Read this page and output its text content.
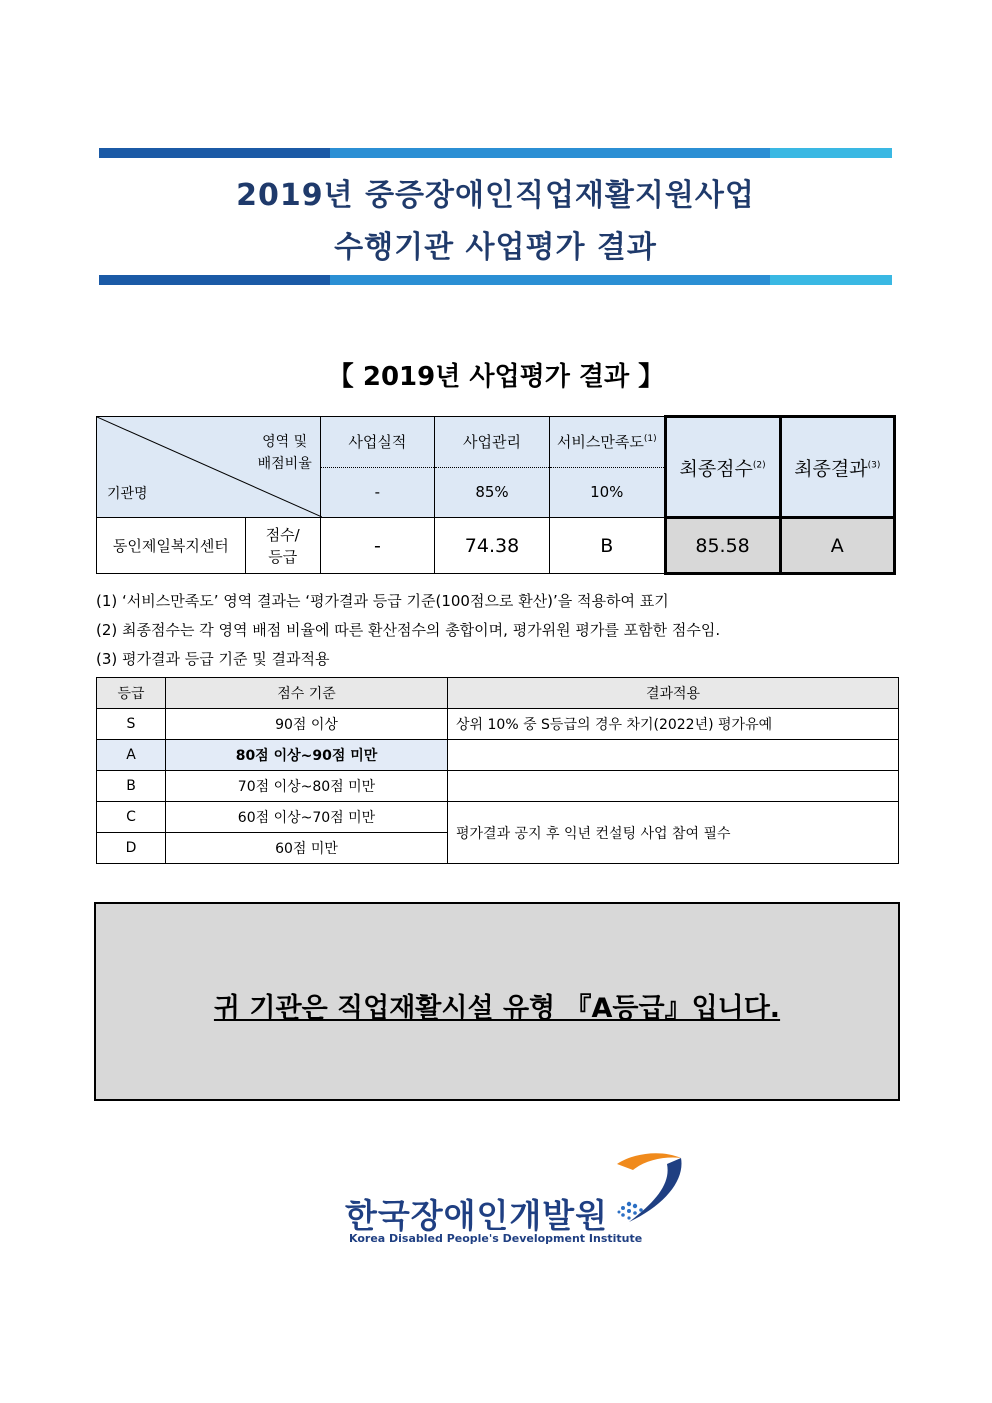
2019년 중증장애인직업재활지원사업
수행기관 사업평가 결과
【 2019년 사업평가 결과 】
영역 및
배점비율
기관명		사업실적	사업관리	서비스만족도$^{(1)}$	최종점수$^{(2)}$	최종결과$^{(3)}$
		-	85%	10%		
동인제일복지센터	점수/
등급	-	74.38	B	85.58	A
(1) ‘서비스만족도’ 영역 결과는 ‘평가결과 등급 기준(100점으로 환산)’을 적용하여 표기
(2) 최종점수는 각 영역 배점 비율에 따른 환산점수의 총합이며, 평가위원 평가를 포함한 점수임.
(3) 평가결과 등급 기준 및 결과적용
등급	점수 기준	결과적용
S	90점 이상	상위 10% 중 S등급의 경우 차기(2022년) 평가유예
A	80점 이상~90점 미만	
B	70점 이상~80점 미만	
C	60점 이상~70점 미만	평가결과 공지 후 익년 컨설팅 사업 참여 필수
D	60점 미만	
귀 기관은 직업재활시설 유형 『A등급』입니다.
한국장애인개발원
Korea Disabled People's Development Institute
